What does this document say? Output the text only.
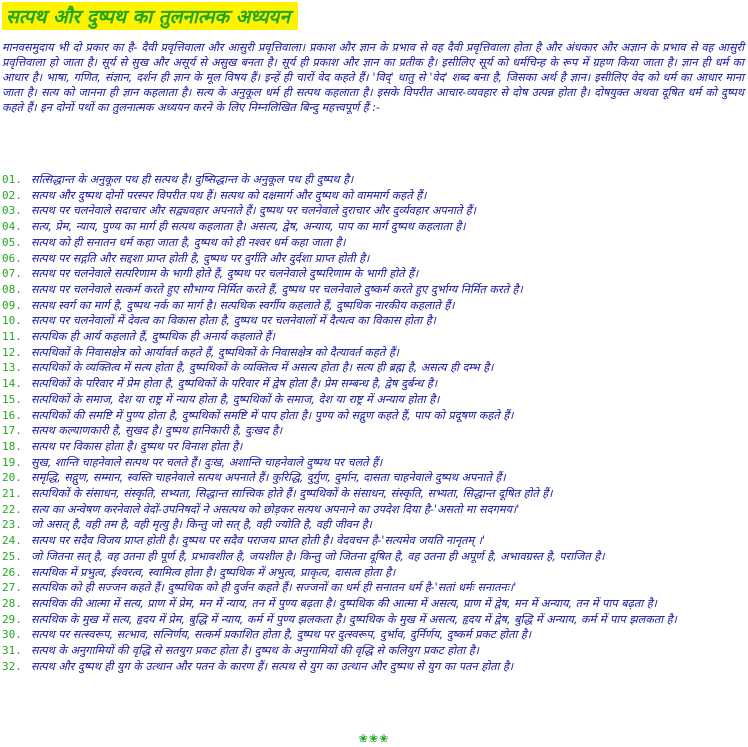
सत्पथ और दुष्पथ का तुलनात्मक अध्ययन

मानवसमुदाय भी दो प्रकार का है- दैवी प्रवृत्तिवाला और आसुरी प्रवृत्तिवाला। प्रकाश और ज्ञान के प्रभाव से वह दैवी प्रवृत्तिवाला होता है और अंधकार और अज्ञान के प्रभाव से वह आसुरी प्रवृत्तिवाला हो जाता है। सूर्य से सुख और असूर्य से असुख बनता है। सूर्य ही प्रकाश और ज्ञान का प्रतीक है। इसीलिए सूर्य को धर्मचिन्ह के रूप में ग्रहण किया जाता है। ज्ञान ही धर्म का आधार है। भाषा, गणित, संज्ञान, दर्शन ही ज्ञान के मूल विषय हैं। इन्हें ही चारों वेद कहते हैं। 'विद्' धातु से 'वेद' शब्द बना है, जिसका अर्थ है ज्ञान। इसीलिए वेद को धर्म का आधार माना जाता है। सत्य को जानना ही ज्ञान कहलाता है। सत्य के अनुकूल धर्म ही सत्पथ कहलाता है। इसके विपरीत आचार-व्यवहार से दोष उत्पन्न होता है। दोषयुक्त अथवा दूषित धर्म को दुष्पथ कहते हैं। इन दोनों पथों का तुलनात्मक अध्ययन करने के लिए निम्नलिखित बिन्दु महत्त्वपूर्ण हैं :-

01. सत्सिद्धान्त के अनुकूल पथ ही सत्पथ है। दुष्सिद्धान्त के अनुकूल पथ ही दुष्पथ है।
02. सत्पथ और दुष्पथ दोनों परस्पर विपरीत पथ हैं। सत्पथ को दक्षमार्ग और दुष्पथ को वाममार्ग कहते हैं।
03. सत्पथ पर चलनेवाले सदाचार और सद्व्यवहार अपनाते हैं। दुष्पथ पर चलनेवाले दुराचार और दुर्व्यवहार अपनाते हैं।
04. सत्य, प्रेम, न्याय, पुण्य का मार्ग ही सत्पथ कहलाता है। असत्य, द्वेष, अन्याय, पाप का मार्ग दुष्पथ कहलाता है।
05. सत्पथ को ही सनातन धर्म कहा जाता है, दुष्पथ को ही नश्वर धर्म कहा जाता है।
06. सत्पथ पर सद्गति और सद्दशा प्राप्त होती है, दुष्पथ पर दुर्गति और दुर्दशा प्राप्त होती है।
07. सत्पथ पर चलनेवाले सत्परिणाम के भागी होते हैं, दुष्पथ पर चलनेवाले दुष्परिणाम के भागी होते हैं।
08. सत्पथ पर चलनेवाले सत्कर्म करते हुए सौभाग्य निर्मित करते हैं, दुष्पथ पर चलनेवाले दुष्कर्म करते हुए दुर्भाग्य निर्मित करते है।
09. सत्पथ स्वर्ग का मार्ग है, दुष्पथ नर्क का मार्ग है। सत्पथिक स्वर्गीय कहलाते हैं, दुष्पथिक नारकीय कहलाते हैं।
10. सत्पथ पर चलनेवालों में देवत्व का विकास होता है, दुष्पथ पर चलनेवालों में दैत्यत्व का विकास होता है।
11. सत्पथिक ही आर्य कहलाते हैं, दुष्पथिक ही अनार्य कहलाते हैं।
12. सत्पथिकों के निवासक्षेत्र को आर्यावर्त कहते हैं, दुष्पथिकों के निवासक्षेत्र को दैत्यावर्त कहते हैं।
13. सत्पथिकों के व्यक्तित्व में सत्य होता है, दुष्पथिकों के व्यक्तित्व में असत्य होता है। सत्य ही ब्रह्म है, असत्य ही दम्भ है।
14. सत्पथिकों के परिवार में प्रेम होता है, दुष्पथिकों के परिवार में द्वेष होता है। प्रेम सम्बन्ध है, द्वेष दुर्बन्ध है।
15. सत्पथिकों के समाज, देश या राष्ट्र में न्याय होता है, दुष्पथिकों के समाज, देश या राष्ट्र में अन्याय होता है।
16. सत्पथिकों की समष्टि में पुण्य होता है, दुष्पथिकों समष्टि में पाप होता है। पुण्य को सद्गुण कहते हैं, पाप को प्रदूषण कहते हैं।
17. सत्पथ कल्याणकारी है, सुखद है। दुष्पथ हानिकारी है, दुःखद है।
18. सत्पथ पर विकास होता है। दुष्पथ पर विनाश होता है।
19. सुख, शान्ति चाहनेवाले सत्पथ पर चलते हैं। दुःख, अशान्ति चाहनेवाले दुष्पथ पर चलते हैं।
20. समृद्धि, सद्गुण, सम्मान, स्वस्ति चाहनेवाले सत्पथ अपनाते हैं। कुरिद्धि, दुर्गुण, दुर्मान, दासता चाहनेवाले दुष्पथ अपनाते हैं।
21. सत्पथिकों के संसाधन, संस्कृति, सभ्यता, सिद्धान्त सात्त्विक होते हैं। दुष्पथिकों के संसाधन, संस्कृति, सभ्यता, सिद्धान्त दूषित होते हैं।
22. सत्य का अन्वेषण करनेवाले वेदों-उपनिषदों ने असत्पथ को छोड़कर सत्पथ अपनाने का उपदेश दिया है-'असतो मा सदगमय।'
23. जो असत् है, वही तम है, वही मृत्यु है। किन्तु जो सत् है, वही ज्योति है, वही जीवन है।
24. सत्पथ पर सदैव विजय प्राप्त होती है। दुष्पथ पर सदैव पराजय प्राप्त होती है। वेदवचन है-'सत्यमेव जयति नानृतम् ।'
25. जो जितना सत् है, वह उतना ही पूर्ण है, प्रभावशील है, जयशील है। किन्तु जो जितना दूषित है, वह उतना ही अपूर्ण है, अभावग्रस्त है, पराजित है।
26. सत्पथिक में प्रभुत्व, ईश्वरत्व, स्वामित्व होता है। दुष्पथिक में अभुत्व, प्राकृत्व, दासत्व होता है।
27. सत्पथिक को ही सज्जन कहते हैं। दुष्पथिक को ही दुर्जन कहते हैं। सज्जनों का धर्म ही सनातन धर्म है-'सतां धर्मः सनातनः।'
28. सत्पथिक की आत्मा में सत्य, प्राण में प्रेम, मन में न्याय, तन में पुण्य बढ़ता है। दुष्पथिक की आत्मा में असत्य, प्राण में द्वेष, मन में अन्याय, तन में पाप बढ़ता है।
29. सत्पथिक के मुख में सत्य, हृदय में प्रेम, बुद्धि में न्याय, कर्म में पुण्य झलकता है। दुष्पथिक के मुख में असत्य, हृदय में द्वेष, बुद्धि में अन्याय, कर्म में पाप झलकता है।
30. सत्पथ पर सत्स्वरूप, सत्भाव, सत्निर्णय, सत्कर्म प्रकाशित होता है, दुष्पथ पर दुत्स्वरूप, दुर्भाव, दुर्निर्णय, दुष्कर्म प्रकट होता है।
31. सत्पथ के अनुगामियों की वृद्धि से सतयुग प्रकट होता है। दुष्पथ के अनुगामियों की वृद्धि से कलियुग प्रकट होता है।
32. सत्पथ और दुष्पथ ही युग के उत्थान और पतन के कारण हैं। सत्पथ से युग का उत्थान और दुष्पथ से युग का पतन होता है।
❀❀❀
